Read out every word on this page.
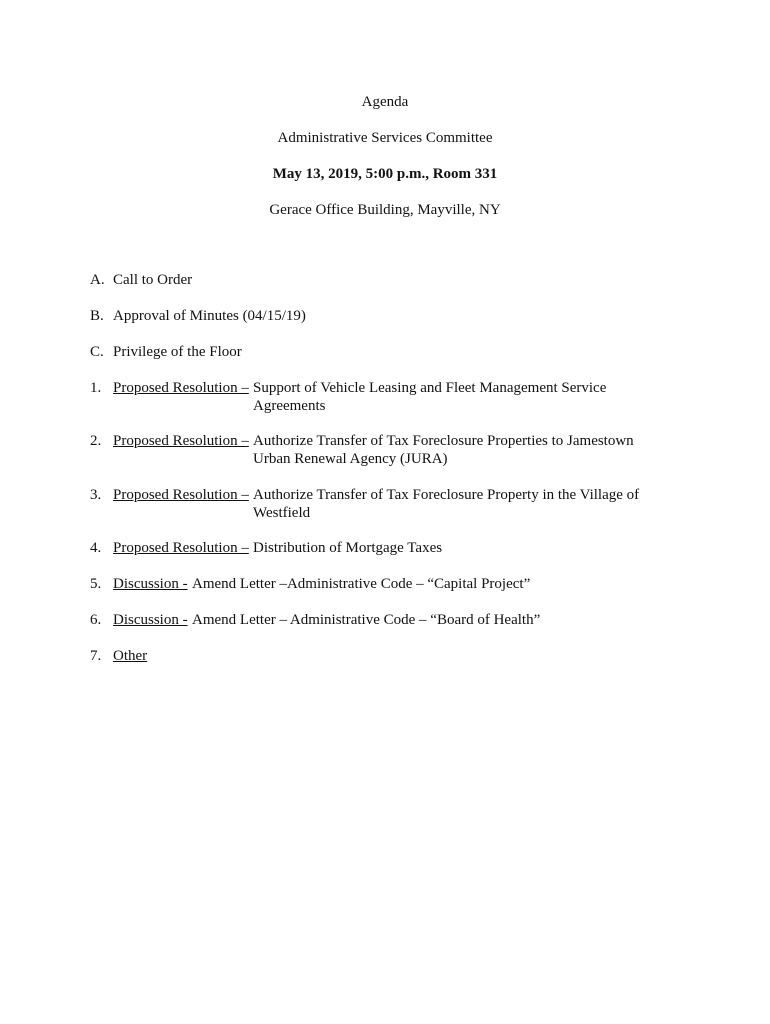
Agenda
Administrative Services Committee
May 13, 2019, 5:00 p.m., Room 331
Gerace Office Building, Mayville, NY
A. Call to Order
B. Approval of Minutes (04/15/19)
C. Privilege of the Floor
1. Proposed Resolution – Support of Vehicle Leasing and Fleet Management Service
Agreements
2. Proposed Resolution – Authorize Transfer of Tax Foreclosure Properties to Jamestown
Urban Renewal Agency (JURA)
3. Proposed Resolution – Authorize Transfer of Tax Foreclosure Property in the Village of
Westfield
4. Proposed Resolution – Distribution of Mortgage Taxes
5. Discussion - Amend Letter –Administrative Code – “Capital Project”
6. Discussion - Amend Letter – Administrative Code – “Board of Health”
7. Other
